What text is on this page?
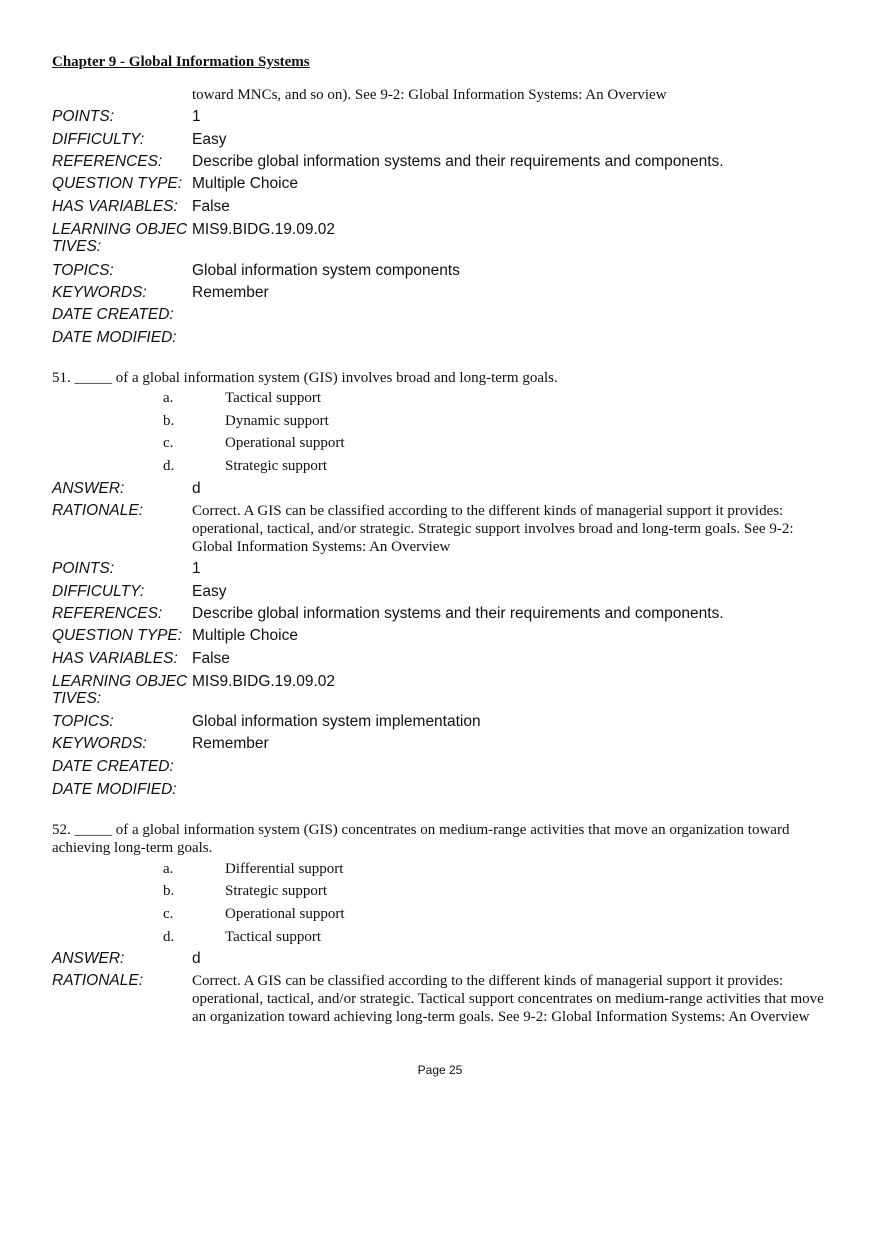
Chapter 9 - Global Information Systems
toward MNCs, and so on). See 9-2: Global Information Systems: An Overview
POINTS:	1
DIFFICULTY:	Easy
REFERENCES: Describe global information systems and their requirements and components.
QUESTION TYPE: Multiple Choice
HAS VARIABLES: False
LEARNING OBJEC
TIVES:
MIS9.BIDG.19.09.02
TOPICS:	Global information system components
KEYWORDS:	Remember
DATE CREATED:
DATE MODIFIED:
51. _____ of a global information system (GIS) involves broad and long-term goals.
a.	Tactical support
b.	Dynamic support
c.	Operational support
d.	Strategic support
ANSWER:	d
RATIONALE:	Correct. A GIS can be classified according to the different kinds of managerial support it provides: operational, tactical, and/or strategic. Strategic support involves broad and long-term goals. See 9-2: Global Information Systems: An Overview
POINTS:	1
DIFFICULTY:	Easy
REFERENCES: Describe global information systems and their requirements and components.
QUESTION TYPE: Multiple Choice
HAS VARIABLES: False
LEARNING OBJEC
TIVES:
MIS9.BIDG.19.09.02
TOPICS:	Global information system implementation
KEYWORDS:	Remember
DATE CREATED:
DATE MODIFIED:
52. _____ of a global information system (GIS) concentrates on medium-range activities that move an organization toward achieving long-term goals.
a.	Differential support
b.	Strategic support
c.	Operational support
d.	Tactical support
ANSWER:	d
RATIONALE:	Correct. A GIS can be classified according to the different kinds of managerial support it provides: operational, tactical, and/or strategic. Tactical support concentrates on medium-range activities that move an organization toward achieving long-term goals. See 9-2: Global Information Systems: An Overview
Page 25
